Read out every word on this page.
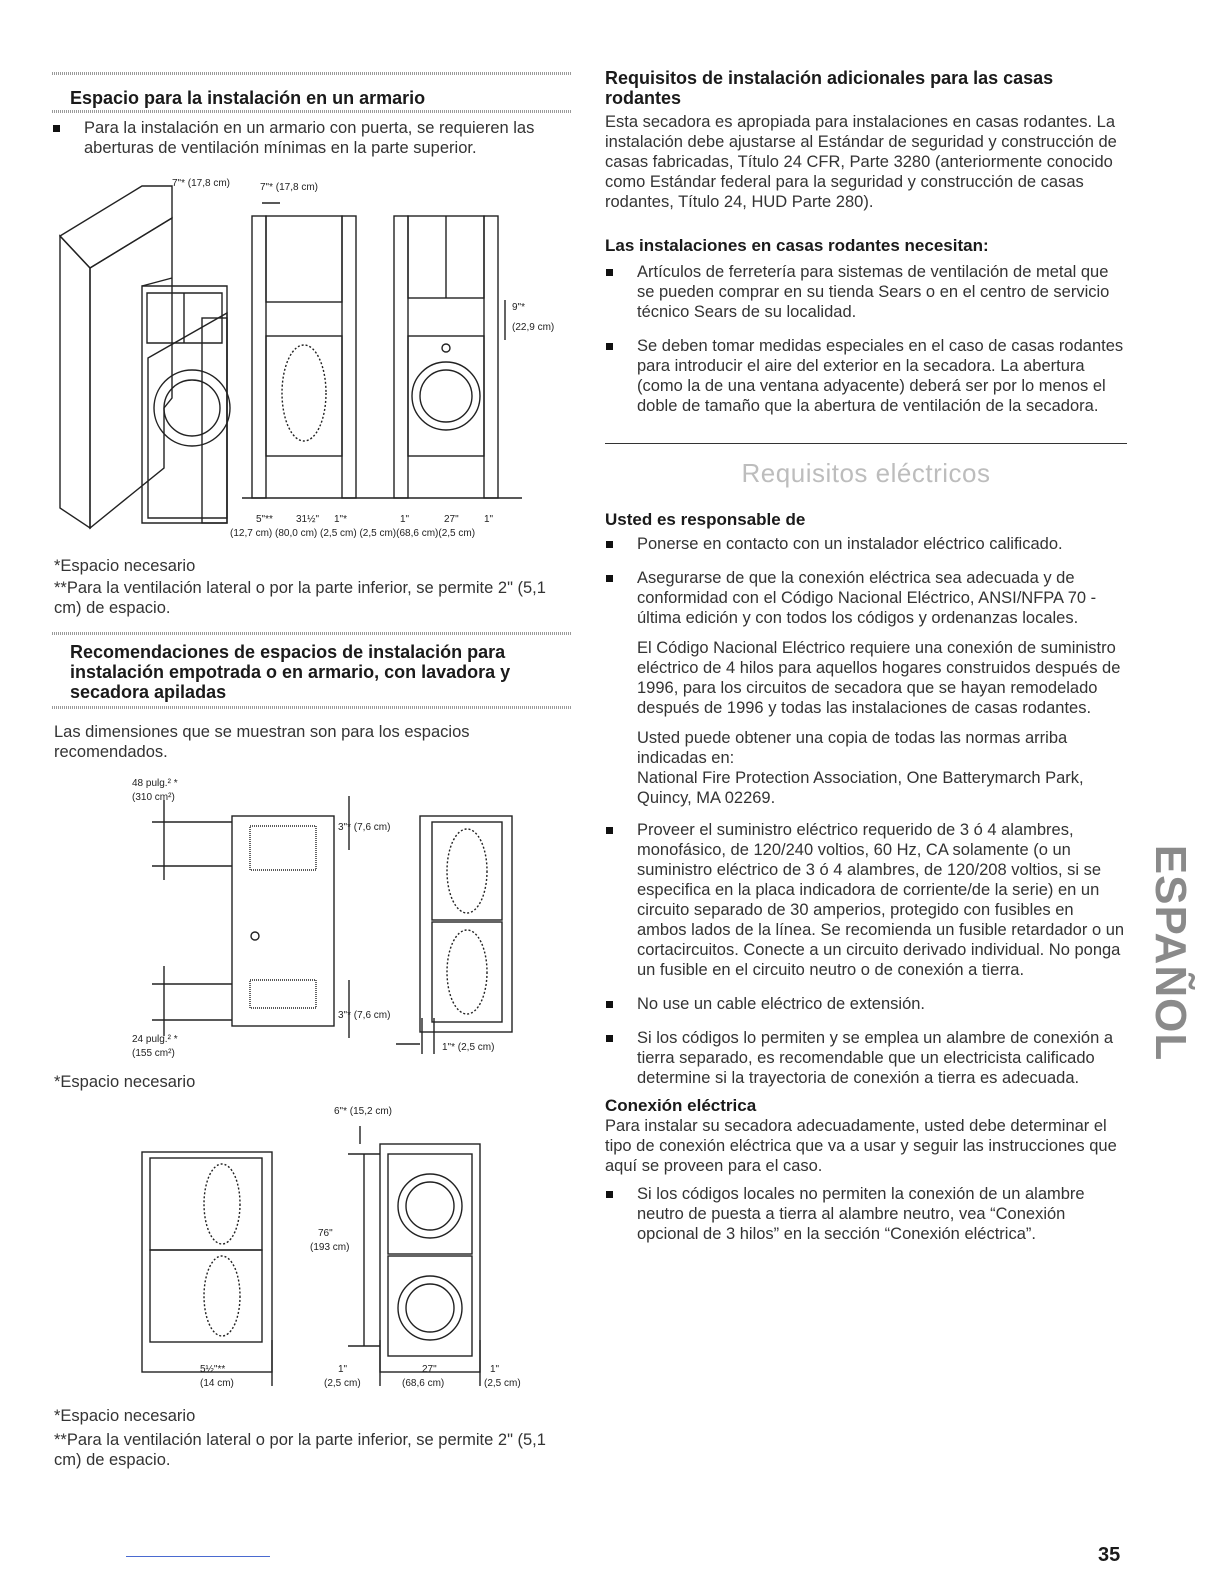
Espacio para la instalación en un armario
Para la instalación en un armario con puerta, se requieren las aberturas de ventilación mínimas en la parte superior.
7"* (17,8 cm)	7"* (17,8 cm)
9"*
(22,9 cm)
5"** 31½" 1"*	1"	27"	1"
(12,7 cm) (80,0 cm) (2,5 cm) (2,5 cm)(68,6 cm)(2,5 cm)
*Espacio necesario
**Para la ventilación lateral o por la parte inferior, se permite 2" (5,1 cm) de espacio.
Recomendaciones de espacios de instalación para instalación empotrada o en armario, con lavadora y secadora apiladas
Las dimensiones que se muestran son para los espacios recomendados.
48 pulg.² *
(310 cm²)
3"* (7,6 cm)
3"* (7,6 cm)
24 pulg.² *
(155 cm²)
1"* (2,5 cm)
*Espacio necesario
6"* (15,2 cm)
76"
(193 cm)
5½"**
(14 cm)
1"
(2,5 cm)
27"
(68,6 cm)
1"
(2,5 cm)
*Espacio necesario
**Para la ventilación lateral o por la parte inferior, se permite 2" (5,1 cm) de espacio.
Requisitos de instalación adicionales para las casas rodantes
Esta secadora es apropiada para instalaciones en casas rodantes. La instalación debe ajustarse al Estándar de seguridad y construcción de casas fabricadas, Título 24 CFR, Parte 3280 (anteriormente conocido como Estándar federal para la seguridad y construcción de casas rodantes, Título 24, HUD Parte 280).
Las instalaciones en casas rodantes necesitan:
Artículos de ferretería para sistemas de ventilación de metal que se pueden comprar en su tienda Sears o en el centro de servicio técnico Sears de su localidad.
Se deben tomar medidas especiales en el caso de casas rodantes para introducir el aire del exterior en la secadora. La abertura (como la de una ventana adyacente) deberá ser por lo menos el doble de tamaño que la abertura de ventilación de la secadora.
Requisitos eléctricos
Usted es responsable de
Ponerse en contacto con un instalador eléctrico calificado.
Asegurarse de que la conexión eléctrica sea adecuada y de conformidad con el Código Nacional Eléctrico, ANSI/NFPA 70 - última edición y con todos los códigos y ordenanzas locales.
El Código Nacional Eléctrico requiere una conexión de suministro eléctrico de 4 hilos para aquellos hogares construidos después de 1996, para los circuitos de secadora que se hayan remodelado después de 1996 y todas las instalaciones de casas rodantes.
Usted puede obtener una copia de todas las normas arriba indicadas en:
National Fire Protection Association, One Batterymarch Park, Quincy, MA 02269.
Proveer el suministro eléctrico requerido de 3 ó 4 alambres, monofásico, de 120/240 voltios, 60 Hz, CA solamente (o un suministro eléctrico de 3 ó 4 alambres, de 120/208 voltios, si se especifica en la placa indicadora de corriente/de la serie) en un circuito separado de 30 amperios, protegido con fusibles en ambos lados de la línea. Se recomienda un fusible retardador o un cortacircuitos. Conecte a un circuito derivado individual. No ponga un fusible en el circuito neutro o de conexión a tierra.
No use un cable eléctrico de extensión.
Si los códigos lo permiten y se emplea un alambre de conexión a tierra separado, es recomendable que un electricista calificado determine si la trayectoria de conexión a tierra es adecuada.
Conexión eléctrica
Para instalar su secadora adecuadamente, usted debe determinar el tipo de conexión eléctrica que va a usar y seguir las instrucciones que aquí se proveen para el caso.
Si los códigos locales no permiten la conexión de un alambre neutro de puesta a tierra al alambre neutro, vea “Conexión opcional de 3 hilos” en la sección “Conexión eléctrica”.
ESPAÑOL
35
